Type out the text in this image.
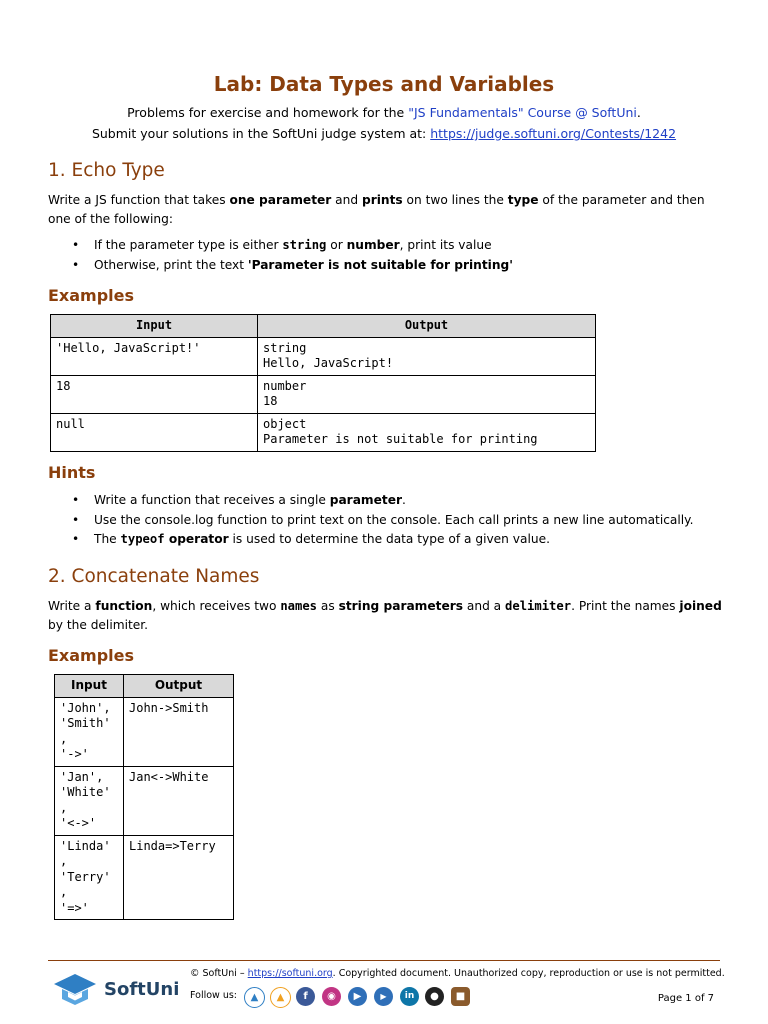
Lab: Data Types and Variables
Problems for exercise and homework for the "JS Fundamentals" Course @ SoftUni.
Submit your solutions in the SoftUni judge system at: https://judge.softuni.org/Contests/1242
1. Echo Type
Write a JS function that takes one parameter and prints on two lines the type of the parameter and then one of the following:
• If the parameter type is either string or number, print its value
• Otherwise, print the text 'Parameter is not suitable for printing'
Examples
Input	Output
'Hello, JavaScript!'	string
Hello, JavaScript!

18	number
18

null	object
Parameter is not suitable for printing
Hints
• Write a function that receives a single parameter.
• Use the console.log function to print text on the console. Each call prints a new line automatically.
• The typeof operator is used to determine the data type of a given value.
2. Concatenate Names
Write a function, which receives two names as string parameters and a delimiter. Print the names joined by the delimiter.
Examples
Input	Output

'John',
'Smith'
,
'->'	John->Smith

'Jan',
'White'
,
'<->'	Jan<->White

'Linda'
,
'Terry'
,
'=>'	Linda=>Terry
SoftUni
© SoftUni – https://softuni.org. Copyrighted document. Unauthorized copy, reproduction or use is not permitted.
Follow us:	▲	▲	f	◉	▶	▶	in	●	■	Page 1 of 7
